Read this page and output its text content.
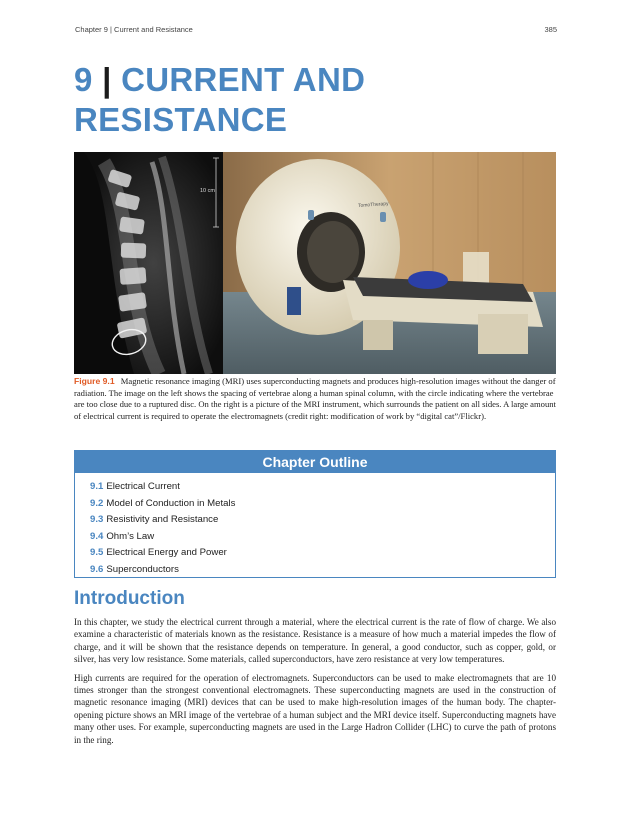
Chapter 9 | Current and Resistance	385
9 | CURRENT AND
RESISTANCE
10 cm
TomoTherapy
Figure 9.1 Magnetic resonance imaging (MRI) uses superconducting magnets and produces high-resolution images without the danger of radiation. The image on the left shows the spacing of vertebrae along a human spinal column, with the circle indicating where the vertebrae are too close due to a ruptured disc. On the right is a picture of the MRI instrument, which surrounds the patient on all sides. A large amount of electrical current is required to operate the electromagnets (credit right: modification of work by “digital cat”/Flickr).
Chapter Outline
9.1 Electrical Current
9.2 Model of Conduction in Metals
9.3 Resistivity and Resistance
9.4 Ohm’s Law
9.5 Electrical Energy and Power
9.6 Superconductors
Introduction

In this chapter, we study the electrical current through a material, where the electrical current is the rate of flow of charge. We also examine a characteristic of materials known as the resistance. Resistance is a measure of how much a material impedes the flow of charge, and it will be shown that the resistance depends on temperature. In general, a good conductor, such as copper, gold, or silver, has very low resistance. Some materials, called superconductors, have zero resistance at very low temperatures.

High currents are required for the operation of electromagnets. Superconductors can be used to make electromagnets that are 10 times stronger than the strongest conventional electromagnets. These superconducting magnets are used in the construction of magnetic resonance imaging (MRI) devices that can be used to make high-resolution images of the human body. The chapter-opening picture shows an MRI image of the vertebrae of a human subject and the MRI device itself. Superconducting magnets have many other uses. For example, superconducting magnets are used in the Large Hadron Collider (LHC) to curve the path of protons in the ring.
